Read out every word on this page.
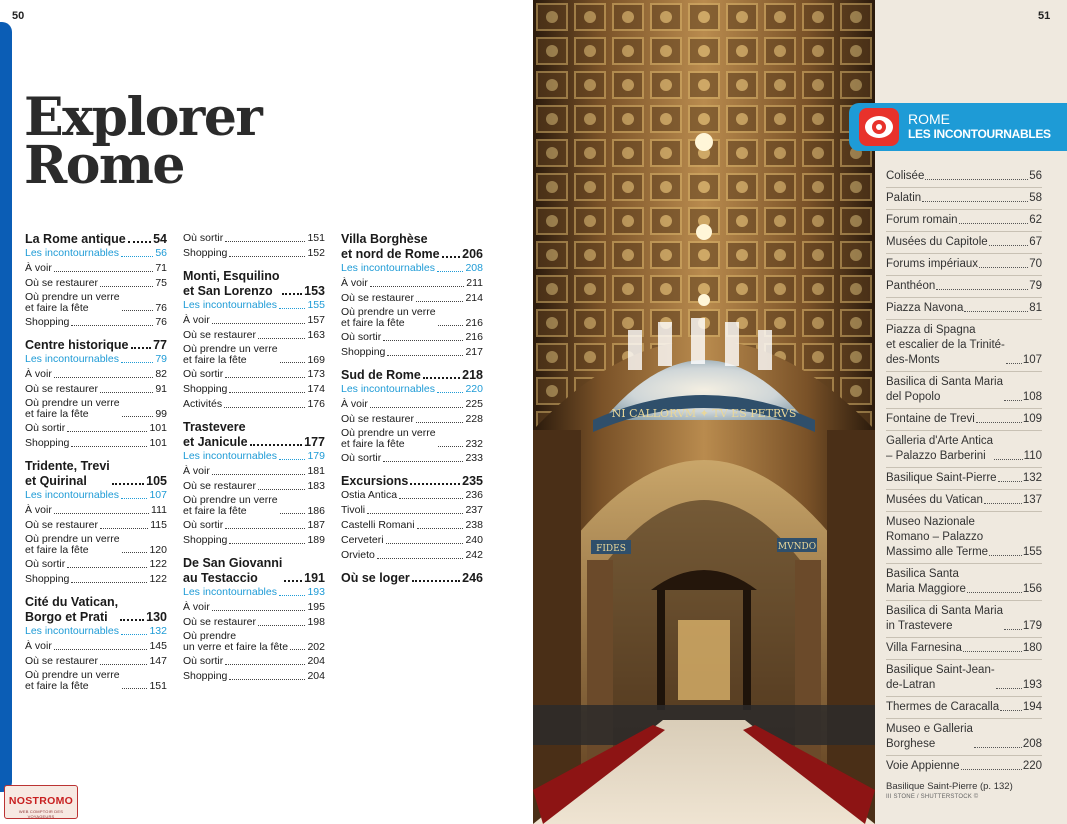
Explorer
Rome
La Rome antique 54
Les incontournables	56
À voir	71
Où se restaurer	75
Où prendre un verre
et faire la fête	76
Shopping	76
Centre historique 77
Les incontournables	79
À voir	82
Où se restaurer	91
Où prendre un verre
et faire la fête	99
Où sortir	101
Shopping	101
Tridente, Trevi
et Quirinal	105
Les incontournables	107
À voir	111
Où se restaurer	115
Où prendre un verre
et faire la fête	120
Où sortir	122
Shopping	122
Cité du Vatican,
Borgo et Prati	130
Les incontournables	132
À voir	145
Où se restaurer	147
Où prendre un verre
et faire la fête	151
Où sortir	151
Shopping	152
Monti, Esquilino
et San Lorenzo	153
Les incontournables	155
À voir	157
Où se restaurer	163
Où prendre un verre
et faire la fête	169
Où sortir	173
Shopping	174
Activités	176
Trastevere
et Janicule	177
Les incontournables	179
À voir	181
Où se restaurer	183
Où prendre un verre
et faire la fête	186
Où sortir	187
Shopping	189
De San Giovanni
au Testaccio	191
Les incontournables	193
À voir	195
Où se restaurer	198
Où prendre
un verre et faire la fête 202
Où sortir	204
Shopping	204
Villa Borghèse
et nord de Rome 206
Les incontournables	208
À voir	211
Où se restaurer	214
Où prendre un verre
et faire la fête	216
Où sortir	216
Shopping	217
Sud de Rome	218
Les incontournables	220
À voir	225
Où se restaurer	228
Où prendre un verre
et faire la fête	232
Où sortir	233
Excursions	235
Ostia Antica	236
Tivoli	237
Castelli Romani	238
Cerveteri	240
Orvieto	242
Où se loger	246
NOSTROMO
WEB COMPTOIR DES VOYAGEURS
50
NI CALLORVM ✦ TV ES PETRVS
FIDES	MVNDO
51
ROME
LES INCONTOURNABLES
Colisée	56
Palatin	58
Forum romain	62
Musées du Capitole	67
Forums impériaux	70
Panthéon	79
Piazza Navona	81
Piazza di Spagna
et escalier de la Trinité-
des-Monts	107
Basilica di Santa Maria
del Popolo	108
Fontaine de Trevi	109
Galleria d'Arte Antica
– Palazzo Barberini	110
Basilique Saint-Pierre 132
Musées du Vatican	137
Museo Nazionale
Romano – Palazzo
Massimo alle Terme	155
Basilica Santa
Maria Maggiore	156
Basilica di Santa Maria
in Trastevere	179
Villa Farnesina	180
Basilique Saint-Jean-
de-Latran	193
Thermes de Caracalla 194
Museo e Galleria
Borghese	208
Voie Appienne	220
Basilique Saint-Pierre (p. 132)
III STONE / SHUTTERSTOCK ©
